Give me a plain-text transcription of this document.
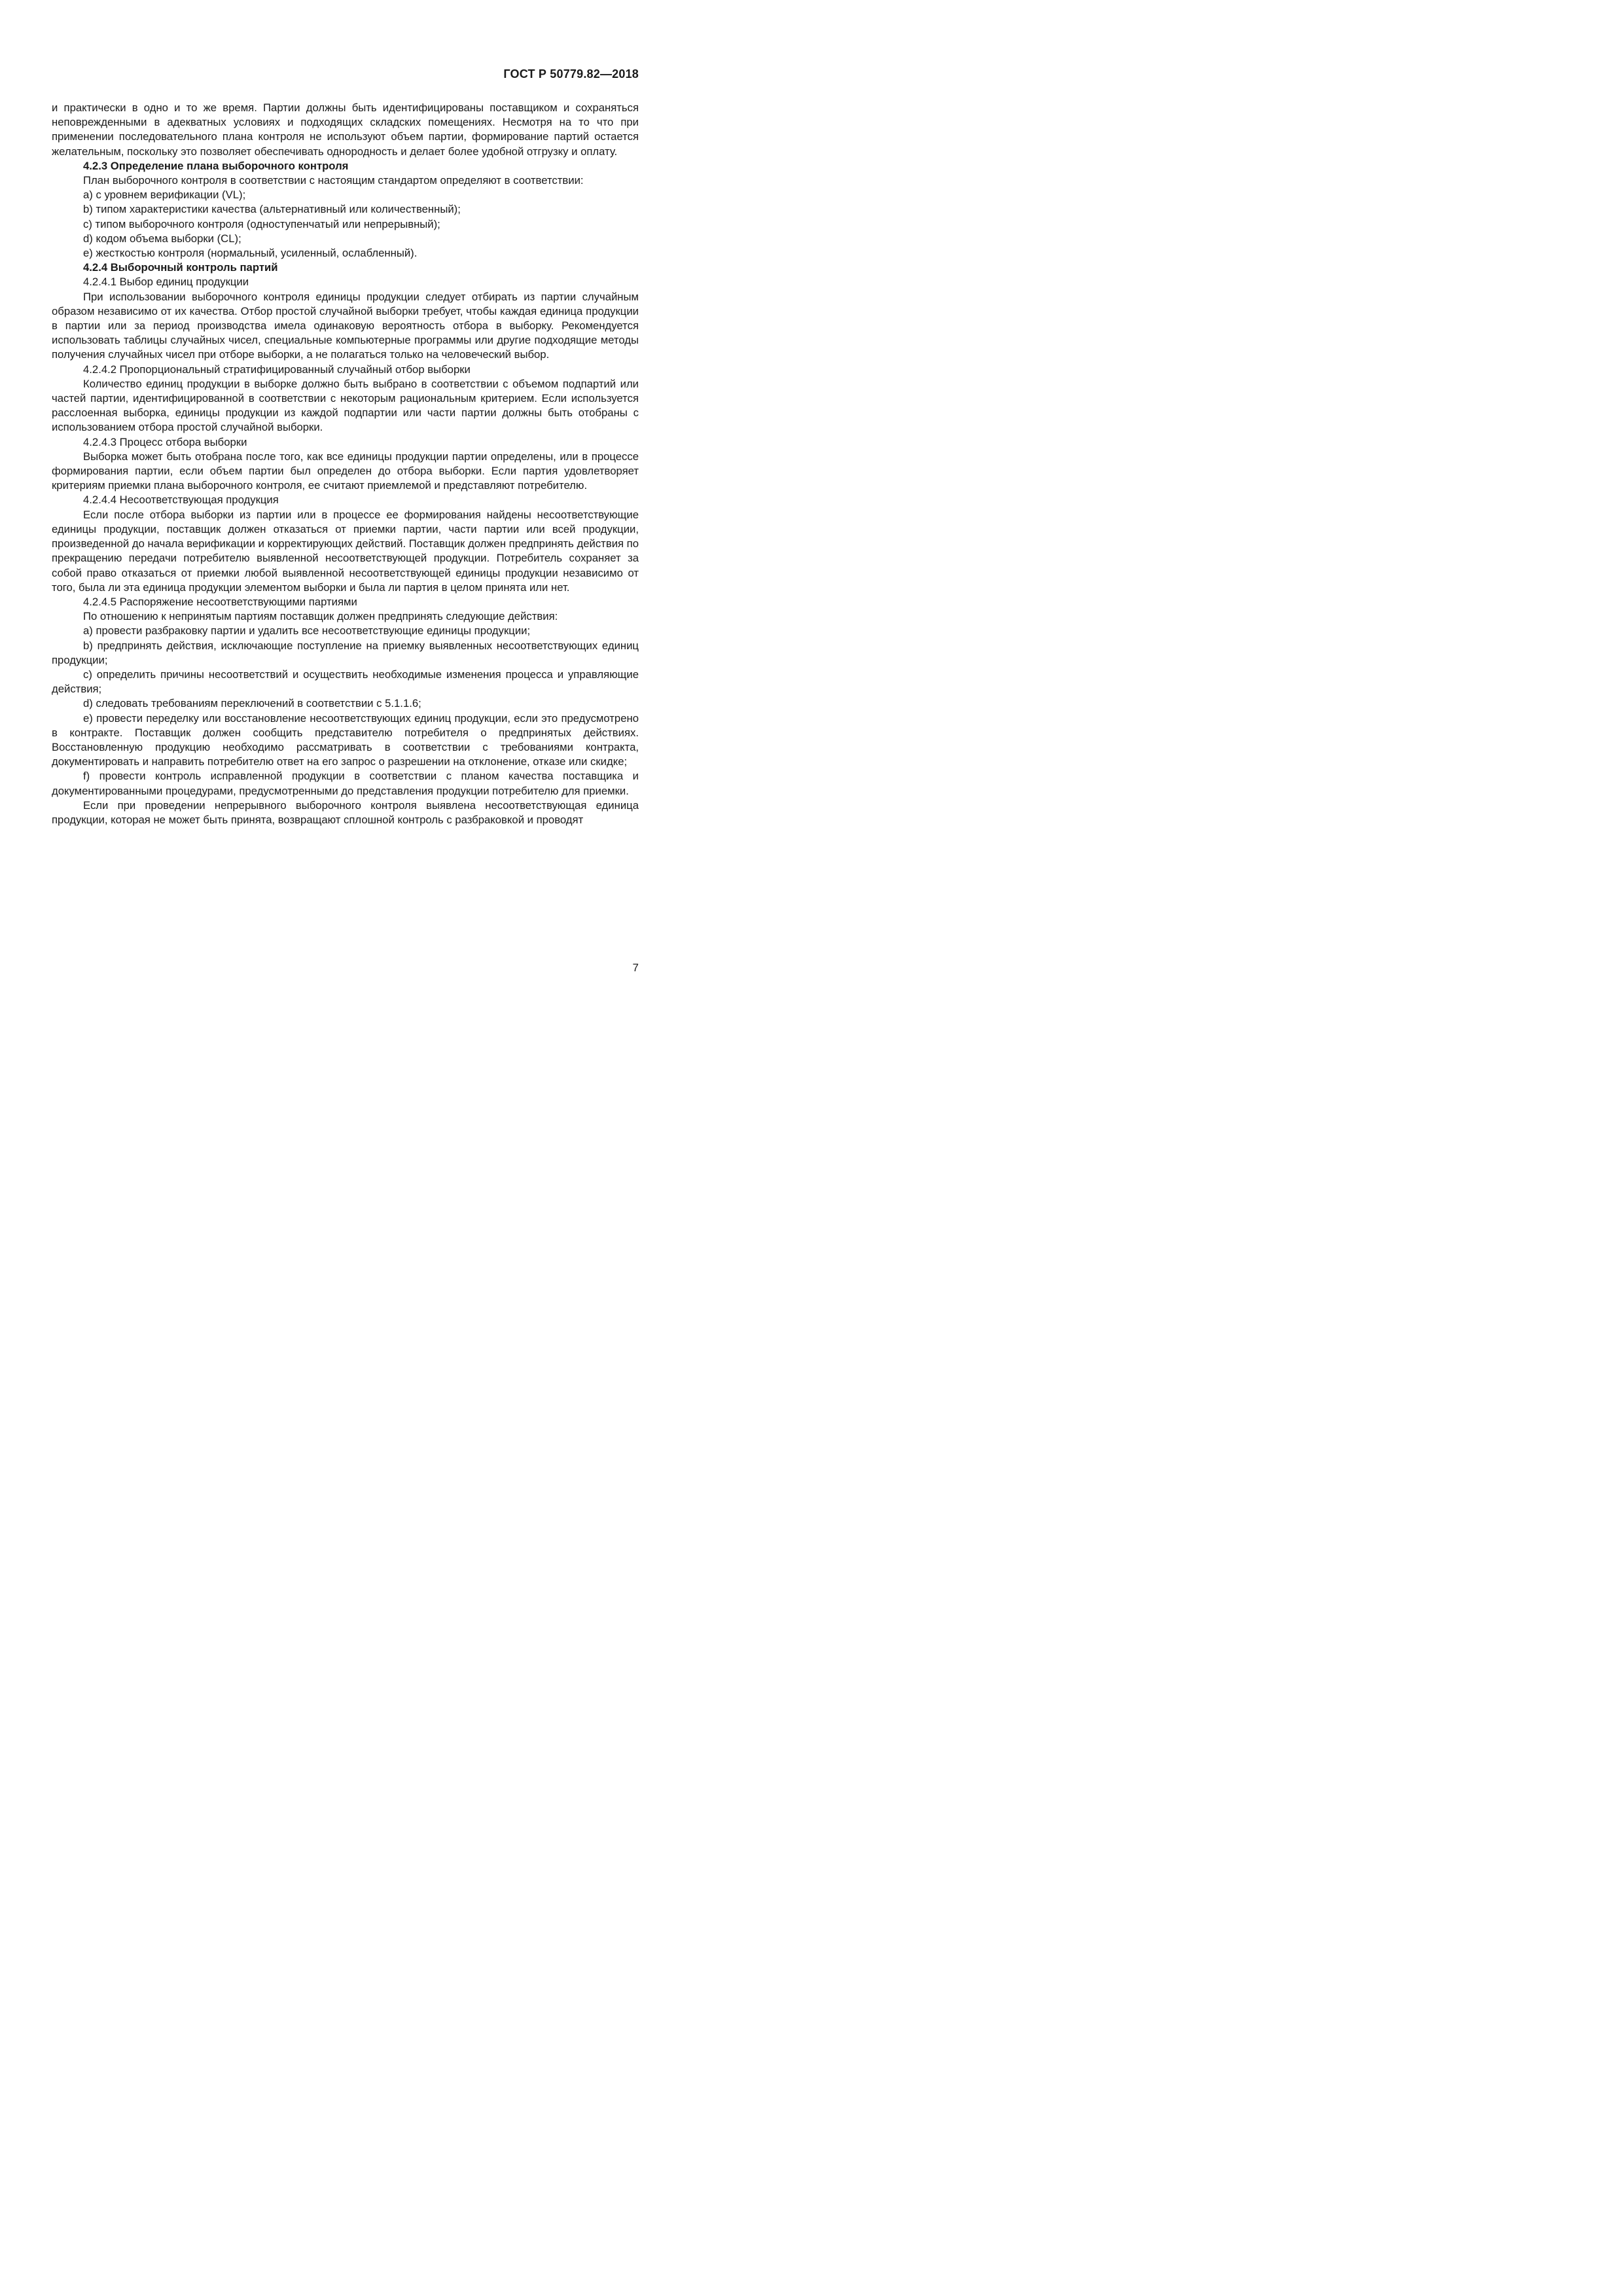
ГОСТ Р 50779.82—2018

и практически в одно и то же время. Партии должны быть идентифицированы поставщиком и сохраняться неповрежденными в адекватных условиях и подходящих складских помещениях. Несмотря на то что при применении последовательного плана контроля не используют объем партии, формирование партий остается желательным, поскольку это позволяет обеспечивать однородность и делает более удобной отгрузку и оплату.

4.2.3 Определение плана выборочного контроля

План выборочного контроля в соответствии с настоящим стандартом определяют в соответствии:

a) с уровнем верификации (VL);

b) типом характеристики качества (альтернативный или количественный);

c) типом выборочного контроля (одноступенчатый или непрерывный);

d) кодом объема выборки (CL);

e) жесткостью контроля (нормальный, усиленный, ослабленный).

4.2.4 Выборочный контроль партий

4.2.4.1 Выбор единиц продукции

При использовании выборочного контроля единицы продукции следует отбирать из партии случайным образом независимо от их качества. Отбор простой случайной выборки требует, чтобы каждая единица продукции в партии или за период производства имела одинаковую вероятность отбора в выборку. Рекомендуется использовать таблицы случайных чисел, специальные компьютерные программы или другие подходящие методы получения случайных чисел при отборе выборки, а не полагаться только на человеческий выбор.

4.2.4.2 Пропорциональный стратифицированный случайный отбор выборки

Количество единиц продукции в выборке должно быть выбрано в соответствии с объемом подпартий или частей партии, идентифицированной в соответствии с некоторым рациональным критерием. Если используется расслоенная выборка, единицы продукции из каждой подпартии или части партии должны быть отобраны с использованием отбора простой случайной выборки.

4.2.4.3 Процесс отбора выборки

Выборка может быть отобрана после того, как все единицы продукции партии определены, или в процессе формирования партии, если объем партии был определен до отбора выборки. Если партия удовлетворяет критериям приемки плана выборочного контроля, ее считают приемлемой и представляют потребителю.

4.2.4.4 Несоответствующая продукция

Если после отбора выборки из партии или в процессе ее формирования найдены несоответствующие единицы продукции, поставщик должен отказаться от приемки партии, части партии или всей продукции, произведенной до начала верификации и корректирующих действий. Поставщик должен предпринять действия по прекращению передачи потребителю выявленной несоответствующей продукции. Потребитель сохраняет за собой право отказаться от приемки любой выявленной несоответствующей единицы продукции независимо от того, была ли эта единица продукции элементом выборки и была ли партия в целом принята или нет.

4.2.4.5 Распоряжение несоответствующими партиями

По отношению к непринятым партиям поставщик должен предпринять следующие действия:

a) провести разбраковку партии и удалить все несоответствующие единицы продукции;

b) предпринять действия, исключающие поступление на приемку выявленных несоответствующих единиц продукции;

c) определить причины несоответствий и осуществить необходимые изменения процесса и управляющие действия;

d) следовать требованиям переключений в соответствии с 5.1.1.6;

e) провести переделку или восстановление несоответствующих единиц продукции, если это предусмотрено в контракте. Поставщик должен сообщить представителю потребителя о предпринятых действиях. Восстановленную продукцию необходимо рассматривать в соответствии с требованиями контракта, документировать и направить потребителю ответ на его запрос о разрешении на отклонение, отказе или скидке;

f) провести контроль исправленной продукции в соответствии с планом качества поставщика и документированными процедурами, предусмотренными до представления продукции потребителю для приемки.

Если при проведении непрерывного выборочного контроля выявлена несоответствующая единица продукции, которая не может быть принята, возвращают сплошной контроль с разбраковкой и проводят

7
